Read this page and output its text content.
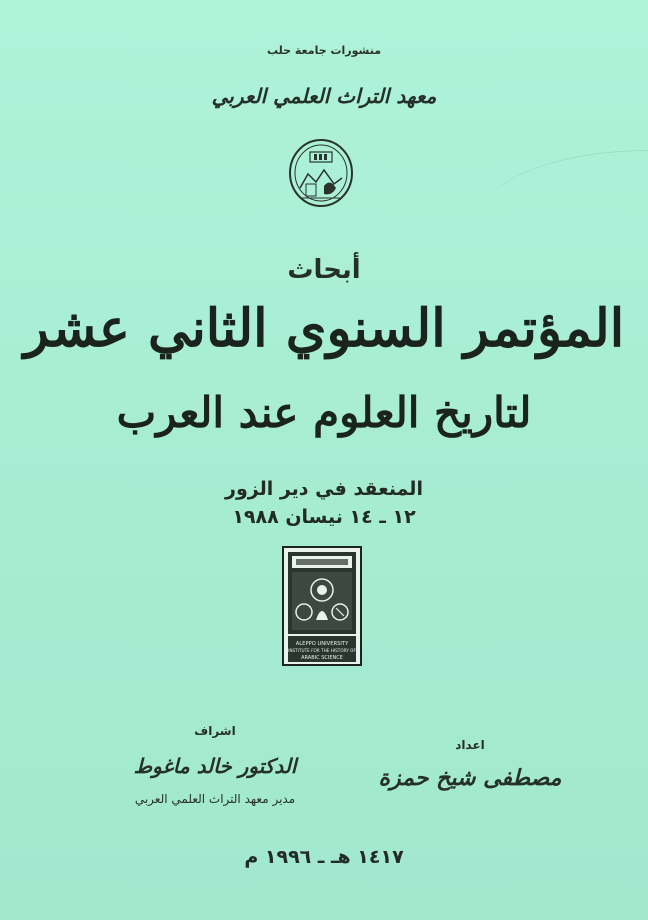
منشورات جامعة حلب
معهد التراث العلمي العربي
أبحاث
المؤتمر السنوي الثاني عشر
لتاريخ العلوم عند العرب
المنعقد في دير الزور
١٢ ـ ١٤ نيسان ١٩٨٨
ALEPPO UNIVERSITY
INSTITUTE FOR THE HISTORY OF
ARABIC SCIENCE
اشراف
الدكتور خالد ماغوط
مدير معهد التراث العلمي العربي
اعداد
مصطفى شيخ حمزة
١٤١٧ هـ ـ ١٩٩٦ م
